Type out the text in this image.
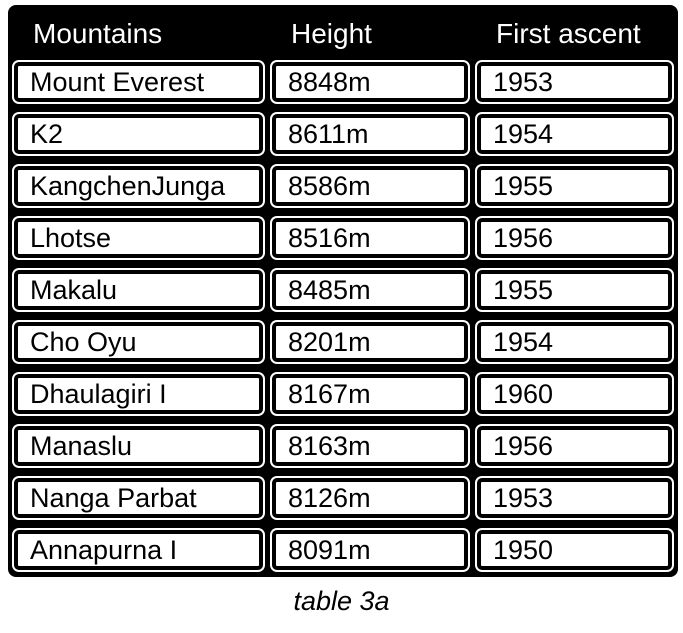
Mountains	Height	First ascent
Mount Everest	8848m	1953
K2	8611m	1954
KangchenJunga	8586m	1955
Lhotse	8516m	1956
Makalu	8485m	1955
Cho Oyu	8201m	1954
Dhaulagiri I	8167m	1960
Manaslu	8163m	1956
Nanga Parbat	8126m	1953
Annapurna I	8091m	1950
table 3a
